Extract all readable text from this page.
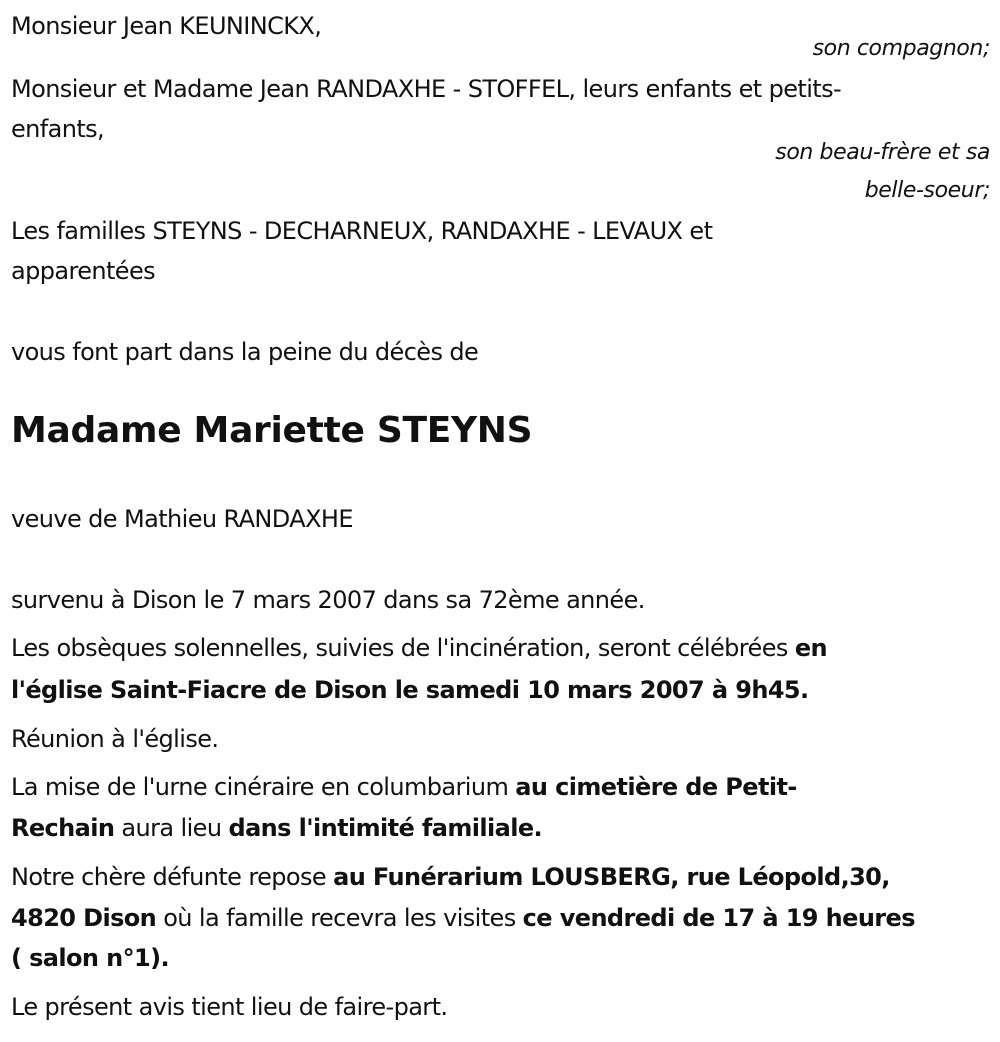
Monsieur Jean KEUNINCKX,
son compagnon;
Monsieur et Madame Jean RANDAXHE - STOFFEL, leurs enfants et petits-
enfants,
son beau-frère et sa
belle-soeur;
Les familles STEYNS - DECHARNEUX, RANDAXHE - LEVAUX et
apparentées
vous font part dans la peine du décès de
Madame Mariette STEYNS
veuve de Mathieu RANDAXHE
survenu à Dison le 7 mars 2007 dans sa 72ème année.
Les obsèques solennelles, suivies de l'incinération, seront célébrées en
l'église Saint-Fiacre de Dison le samedi 10 mars 2007 à 9h45.
Réunion à l'église.
La mise de l'urne cinéraire en columbarium au cimetière de Petit-
Rechain aura lieu dans l'intimité familiale.
Notre chère défunte repose au Funérarium LOUSBERG, rue Léopold,30,
4820 Dison où la famille recevra les visites ce vendredi de 17 à 19 heures
( salon n°1).
Le présent avis tient lieu de faire-part.
